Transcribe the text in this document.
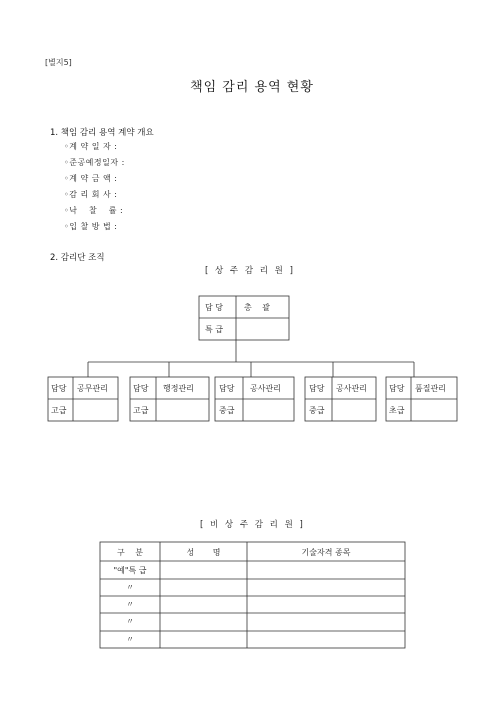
[별지5]
책임 감리 용역 현황
1. 책임 감리 용역 계약 개요
◦계 약 일 자 :
◦준공예정일자 :
◦계 약 금 액 :
◦감 리 회 사 :
◦낙　 찰　 률 :
◦입 찰 방 법 :
2. 감리단 조직
[ 상 주 감 리 원 ]
담 당	총　 괄
특 급
담당 공무관리
고급
담당 행정관리
고급
담당 공사관리
중급
담당 공사관리
중급
담당 품질관리
초급
[ 비 상 주 감 리 원 ]
구　 분	성　　 명	기술자격 종목
"예"특 급
〃
〃
〃
〃
